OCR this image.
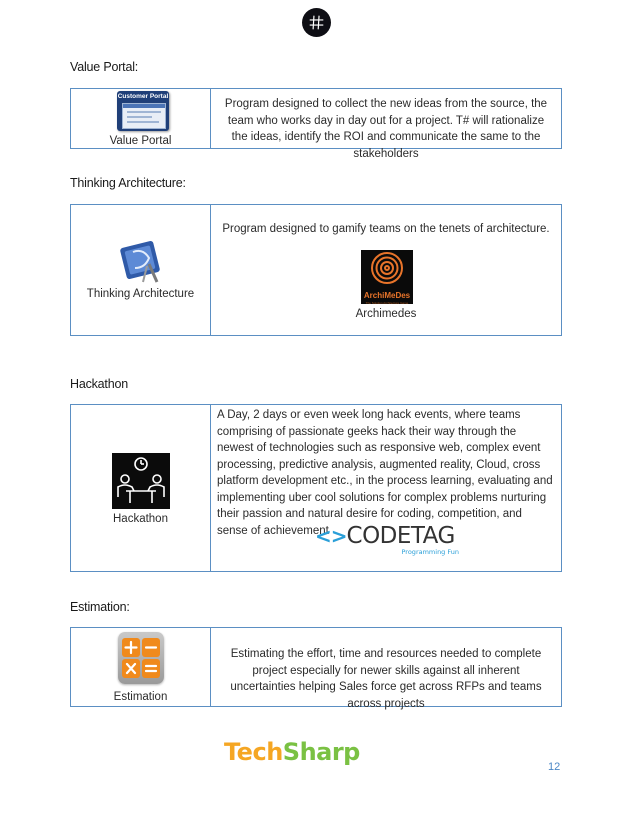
Value Portal:
Customer Portal
Value Portal
Program designed to collect the new ideas from the source, the team who works day in day out for a project. T# will rationalize the ideas, identify the ROI and communicate the same to the stakeholders
Thinking Architecture:
Thinking Architecture
Program designed to gamify teams on the tenets of architecture.
ArchiMeDes
The Solution Architecture Game
Archimedes
Hackathon
Hackathon
A Day, 2 days or even week long hack events, where teams comprising of passionate geeks hack their way through the newest of technologies such as responsive web, complex event processing, predictive analysis, augmented reality, Cloud, cross platform development etc., in the process learning, evaluating and implementing uber cool solutions for complex problems nurturing their passion and natural desire for coding, competition, and sense of achievement
<>CODETAG
Programming Fun
Estimation:
Estimation
Estimating the effort, time and resources needed to complete project especially for newer skills against all inherent uncertainties helping Sales force get across RFPs and teams across projects
TechSharp
12
